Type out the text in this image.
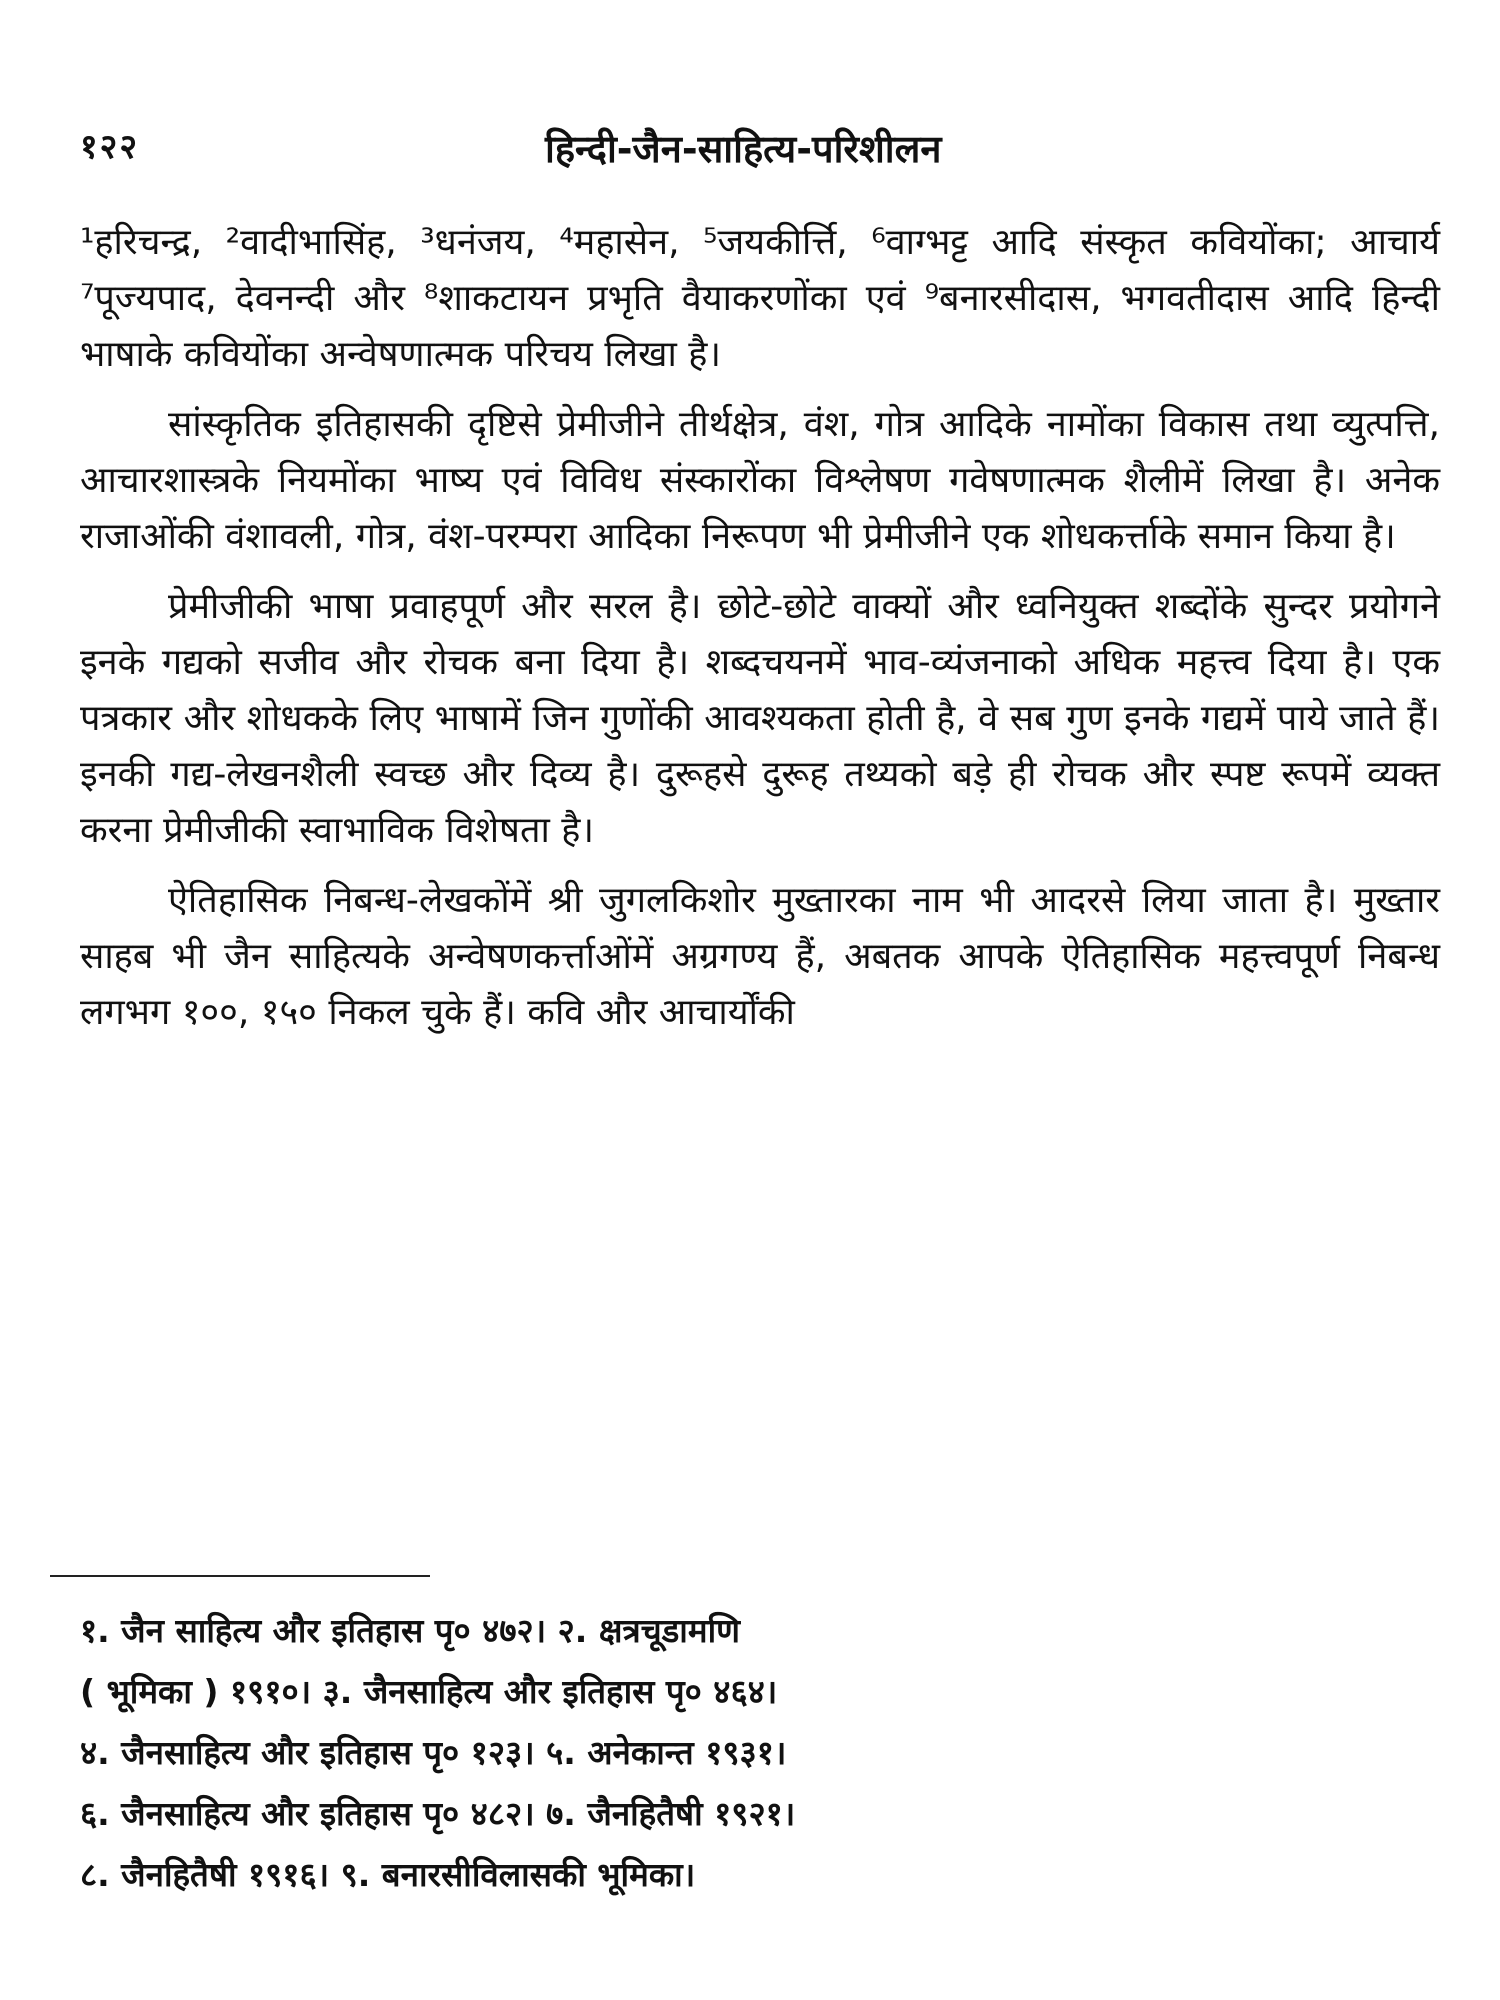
१२२	हिन्दी-जैन-साहित्य-परिशीलन

¹हरिचन्द्र, ²वादीभासिंह, ³धनंजय, ⁴महासेन, ⁵जयकीर्त्ति, ⁶वाग्भट्ट आदि संस्कृत कवियोंका; आचार्य ⁷पूज्यपाद, देवनन्दी और ⁸शाकटायन प्रभृति वैयाकरणोंका एवं ⁹बनारसीदास, भगवतीदास आदि हिन्दी भाषाके कवियोंका अन्वेषणात्मक परिचय लिखा है।

सांस्कृतिक इतिहासकी दृष्टिसे प्रेमीजीने तीर्थक्षेत्र, वंश, गोत्र आदिके नामोंका विकास तथा व्युत्पत्ति, आचारशास्त्रके नियमोंका भाष्य एवं विविध संस्कारोंका विश्लेषण गवेषणात्मक शैलीमें लिखा है। अनेक राजाओंकी वंशावली, गोत्र, वंश-परम्परा आदिका निरूपण भी प्रेमीजीने एक शोधकर्त्ताके समान किया है।

प्रेमीजीकी भाषा प्रवाहपूर्ण और सरल है। छोटे-छोटे वाक्यों और ध्वनियुक्त शब्दोंके सुन्दर प्रयोगने इनके गद्यको सजीव और रोचक बना दिया है। शब्दचयनमें भाव-व्यंजनाको अधिक महत्त्व दिया है। एक पत्रकार और शोधकके लिए भाषामें जिन गुणोंकी आवश्यकता होती है, वे सब गुण इनके गद्यमें पाये जाते हैं। इनकी गद्य-लेखनशैली स्वच्छ और दिव्य है। दुरूहसे दुरूह तथ्यको बड़े ही रोचक और स्पष्ट रूपमें व्यक्त करना प्रेमीजीकी स्वाभाविक विशेषता है।

ऐतिहासिक निबन्ध-लेखकोंमें श्री जुगलकिशोर मुख्तारका नाम भी आदरसे लिया जाता है। मुख्तार साहब भी जैन साहित्यके अन्वेषणकर्त्ताओंमें अग्रगण्य हैं, अबतक आपके ऐतिहासिक महत्त्वपूर्ण निबन्ध लगभग १००, १५० निकल चुके हैं। कवि और आचार्योंकी

१. जैन साहित्य और इतिहास पृ० ४७२। २. क्षत्रचूडामणि
( भूमिका ) १९१०। ३. जैनसाहित्य और इतिहास पृ० ४६४।
४. जैनसाहित्य और इतिहास पृ० १२३। ५. अनेकान्त १९३१।
६. जैनसाहित्य और इतिहास पृ० ४८२। ७. जैनहितैषी १९२१।
८. जैनहितैषी १९१६। ९. बनारसीविलासकी भूमिका।
